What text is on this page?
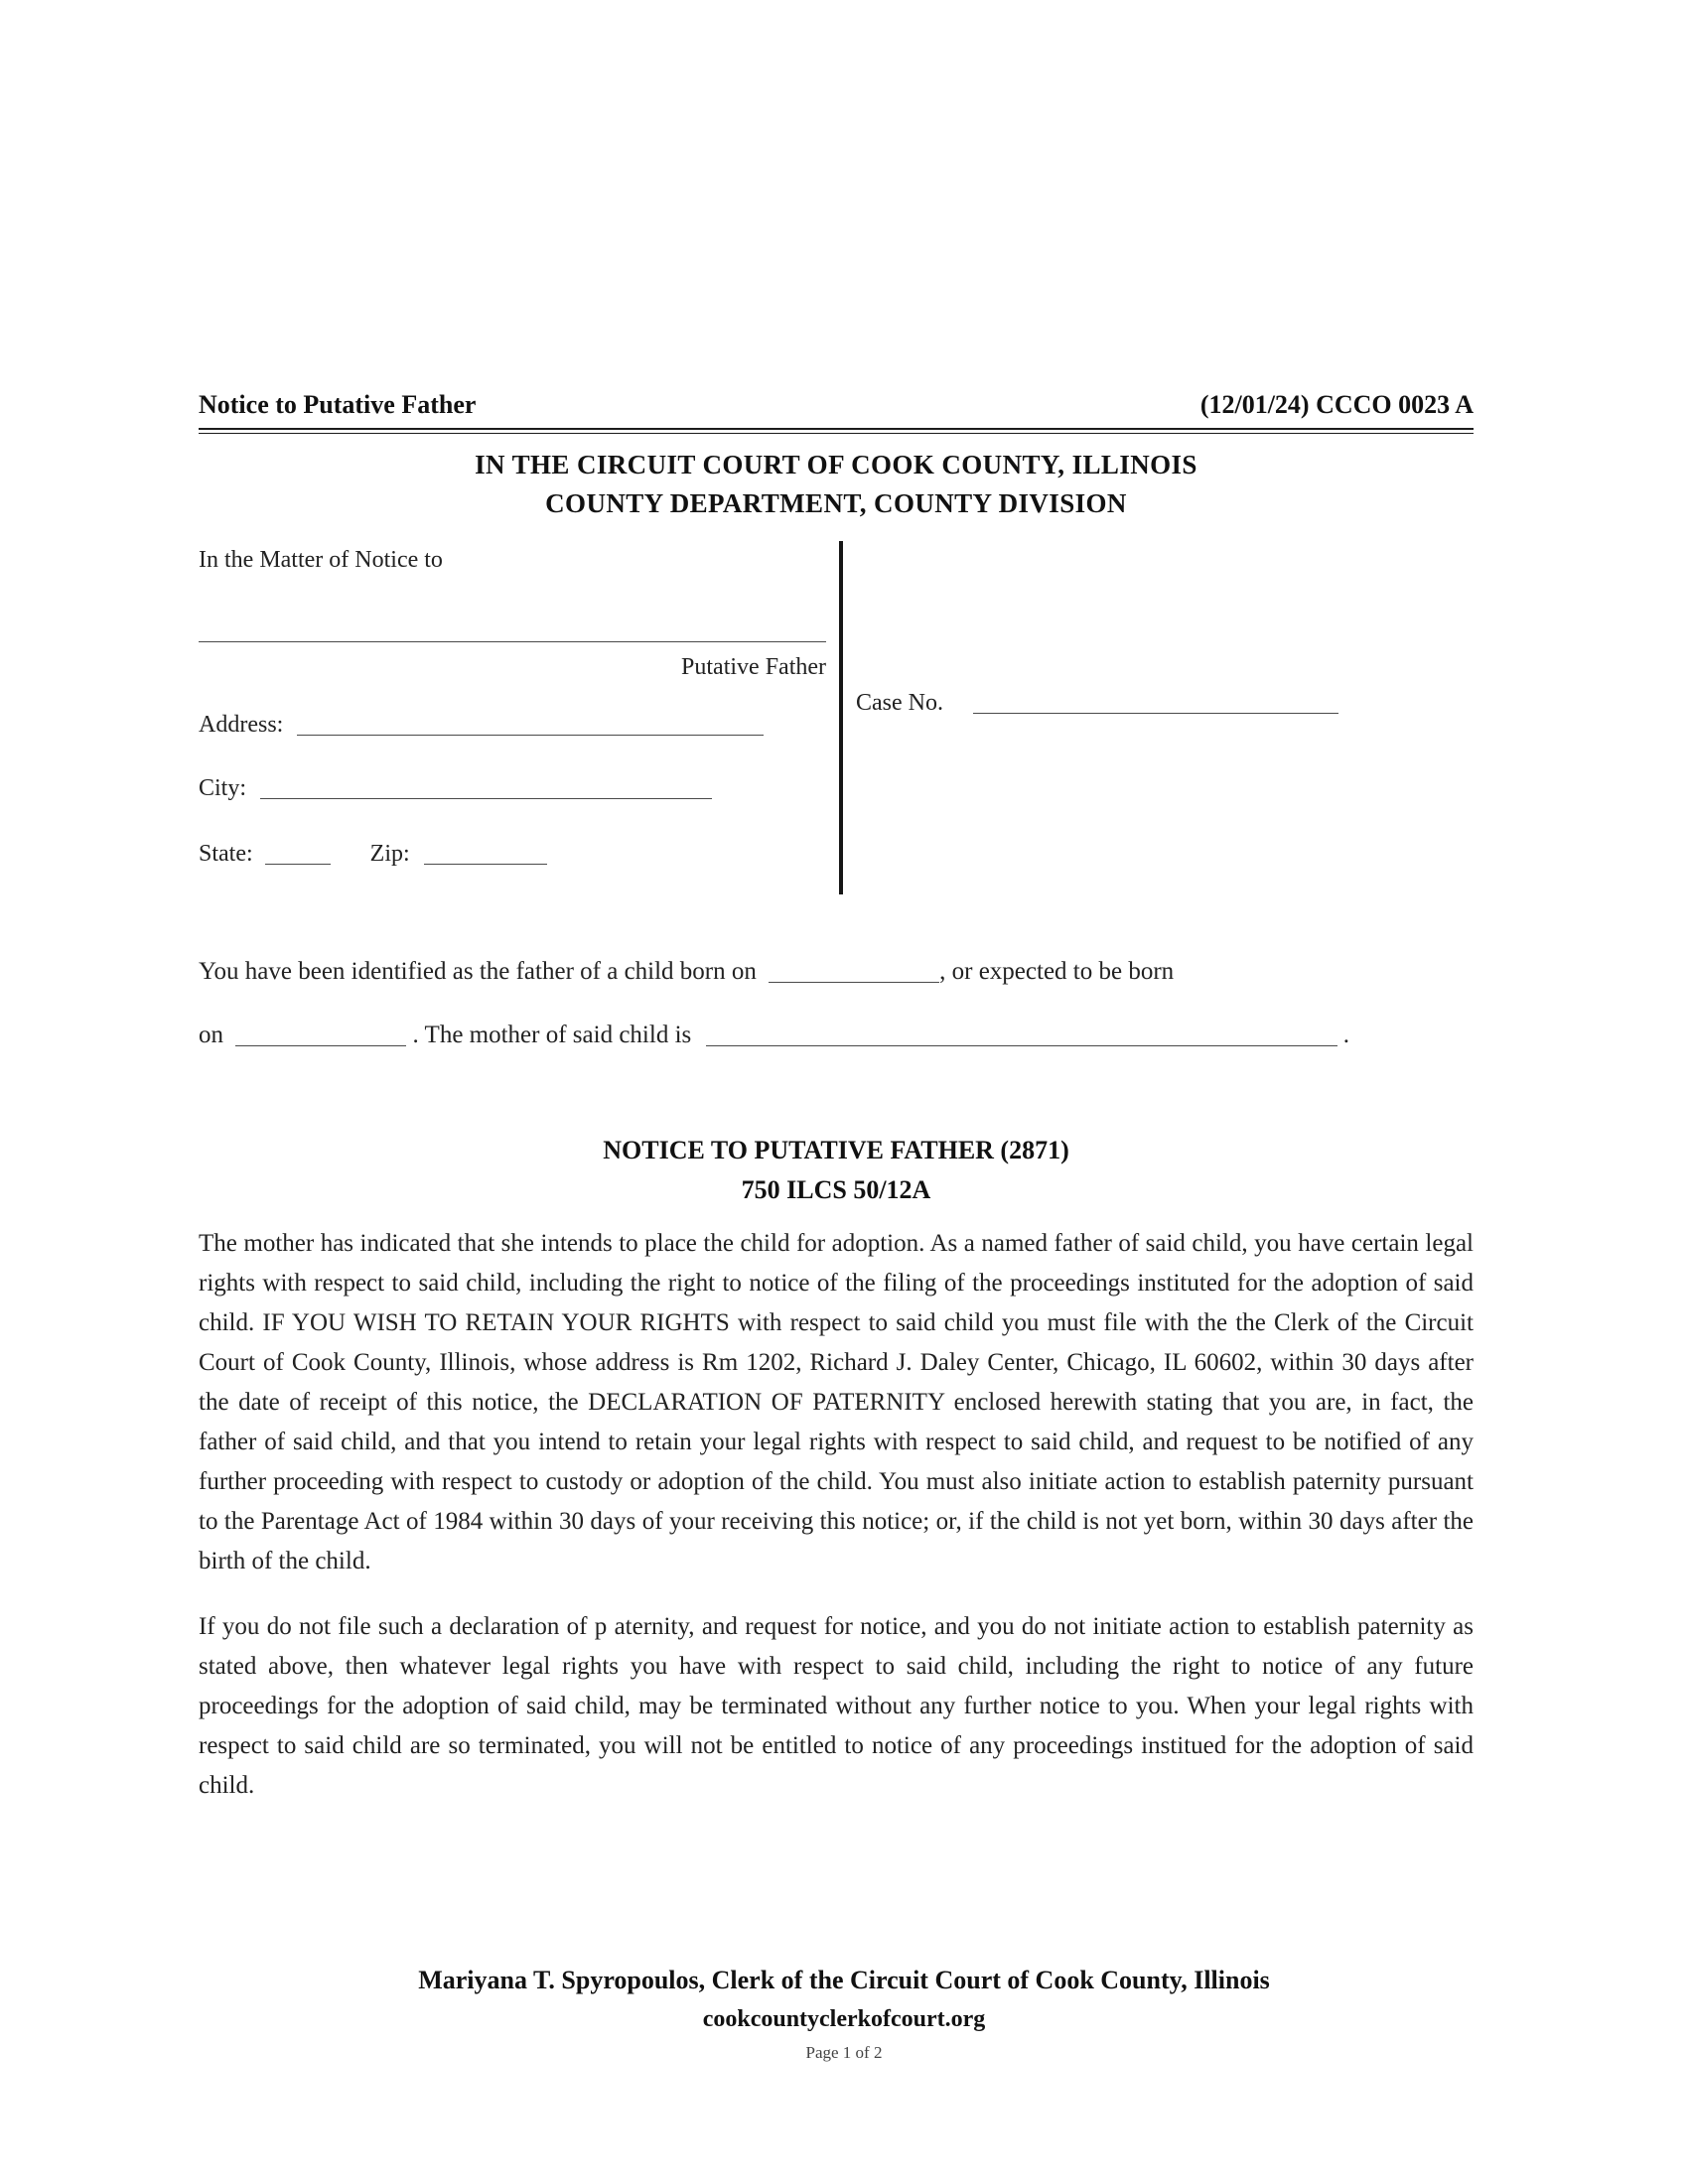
Notice to Putative Father	(12/01/24) CCCO 0023 A
IN THE CIRCUIT COURT OF COOK COUNTY, ILLINOIS
COUNTY DEPARTMENT, COUNTY DIVISION
In the Matter of Notice to
Putative Father
Address:
City:
State:	Zip:
Case No.
You have been identified as the father of a child born on	, or expected to be born
on	. The mother of said child is	.
NOTICE TO PUTATIVE FATHER (2871)
750 ILCS 50/12A

The mother has indicated that she intends to place the child for adoption. As a named father of said child, you have certain legal rights with respect to said child, including the right to notice of the filing of the proceedings instituted for the adoption of said child. IF YOU WISH TO RETAIN YOUR RIGHTS with respect to said child you must file with the the Clerk of the Circuit Court of Cook County, Illinois, whose address is Rm 1202, Richard J. Daley Center, Chicago, IL 60602, within 30 days after the date of receipt of this notice, the DECLARATION OF PATERNITY enclosed herewith stating that you are, in fact, the father of said child, and that you intend to retain your legal rights with respect to said child, and request to be notified of any further proceeding with respect to custody or adoption of the child. You must also initiate action to establish paternity pursuant to the Parentage Act of 1984 within 30 days of your receiving this notice; or, if the child is not yet born, within 30 days after the birth of the child.

If you do not file such a declaration of p aternity, and request for notice, and you do not initiate action to establish paternity as stated above, then whatever legal rights you have with respect to said child, including the right to notice of any future proceedings for the adoption of said child, may be terminated without any further notice to you. When your legal rights with respect to said child are so terminated, you will not be entitled to notice of any proceedings institued for the adoption of said child.

Mariyana T. Spyropoulos, Clerk of the Circuit Court of Cook County, Illinois
cookcountyclerkofcourt.org
Page 1 of 2
